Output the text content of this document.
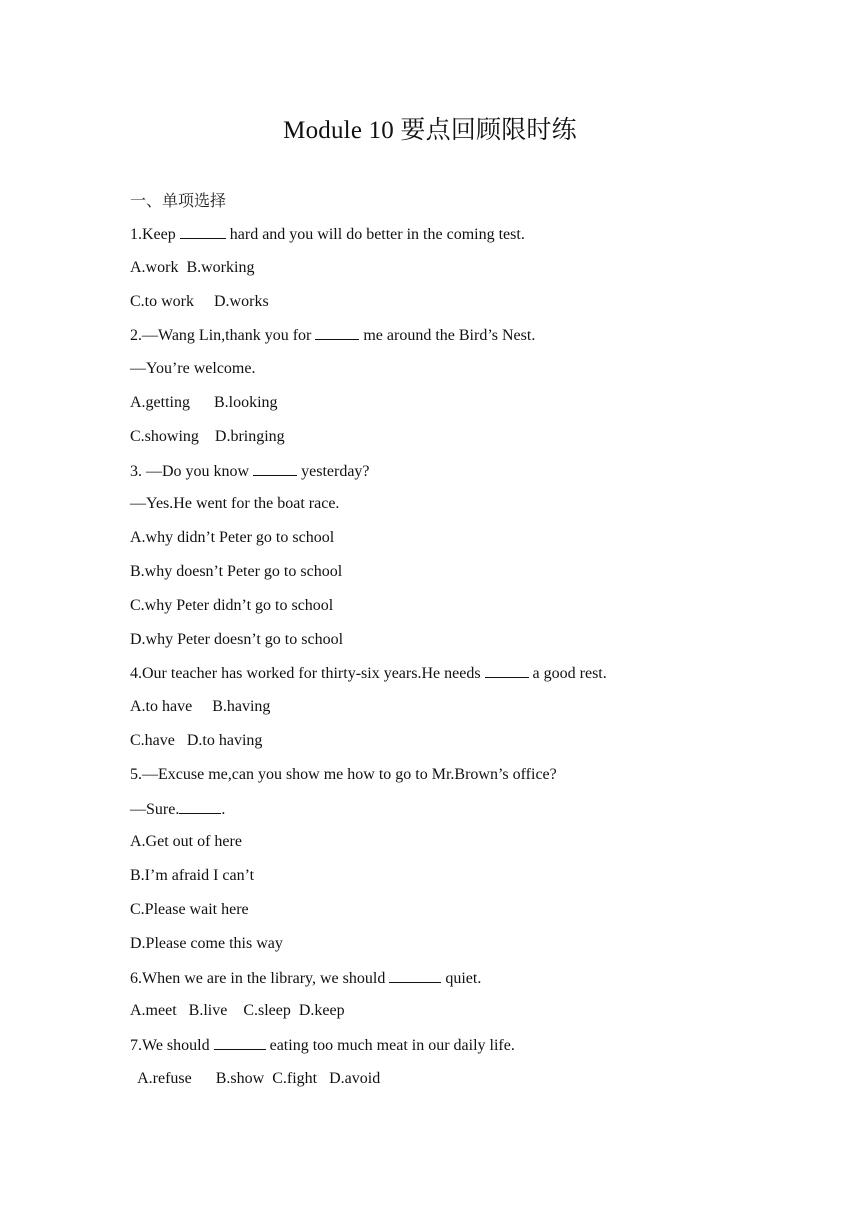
Module 10 要点回顾限时练
一、单项选择
1.Keep	hard and you will do better in the coming test.
A.work  B.working
C.to work     D.works
2.—Wang Lin,thank you for	me around the Bird’s Nest.
—You’re welcome.
A.getting      B.looking
C.showing    D.bringing
3. —Do you know	yesterday?
—Yes.He went for the boat race.
A.why didn’t Peter go to school
B.why doesn’t Peter go to school
C.why Peter didn’t go to school
D.why Peter doesn’t go to school
4.Our teacher has worked for thirty-six years.He needs	a good rest.
A.to have     B.having
C.have   D.to having
5.—Excuse me,can you show me how to go to Mr.Brown’s office?
—Sure.	.
A.Get out of here
B.I’m afraid I can’t
C.Please wait here
D.Please come this way
6.When we are in the library, we should	quiet.
A.meet   B.live    C.sleep  D.keep
7.We should	eating too much meat in our daily life.
A.refuse      B.show  C.fight   D.avoid
